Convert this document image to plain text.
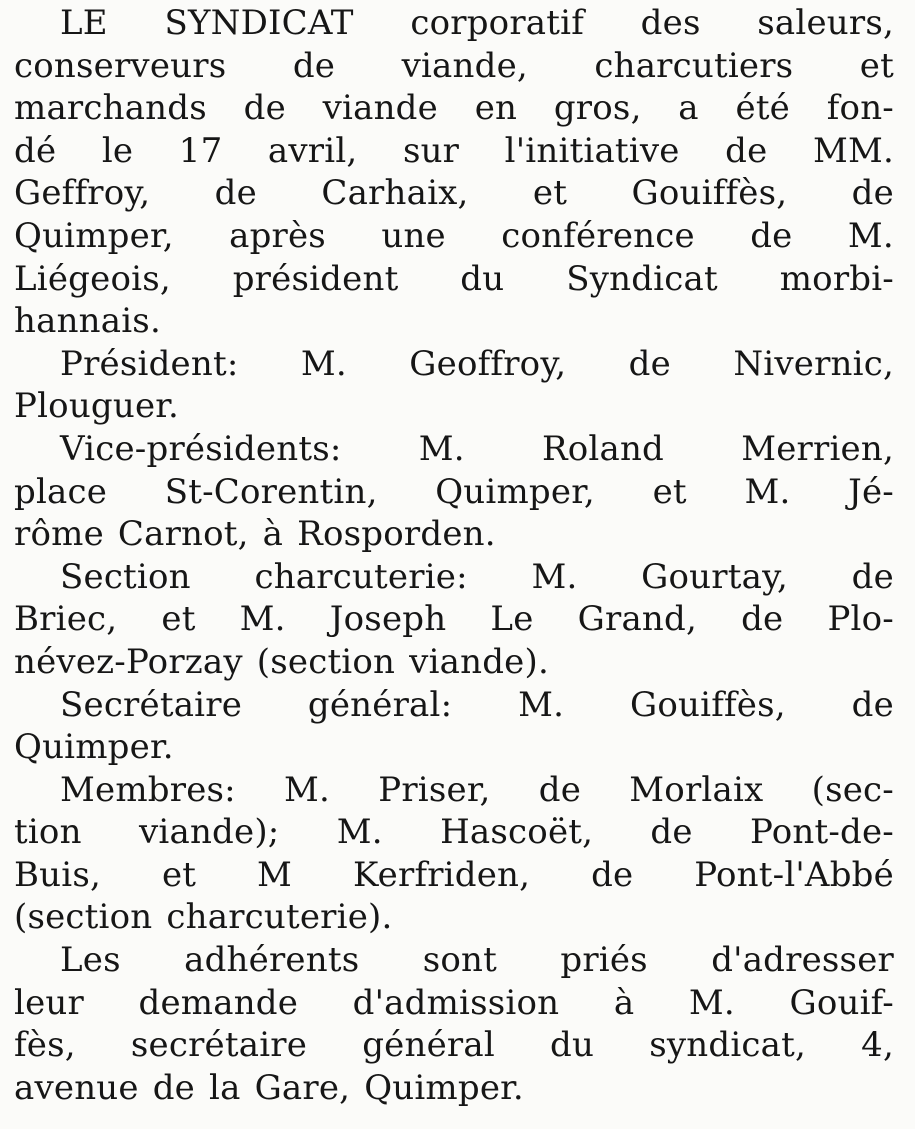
LE SYNDICAT corporatif des saleurs,
conserveurs de viande, charcutiers et
marchands de viande en gros, a été fon-
dé le 17 avril, sur l'initiative de MM.
Geffroy, de Carhaix, et Gouiffès, de
Quimper, après une conférence de M.
Liégeois, président du Syndicat morbi-
hannais.
Président: M. Geoffroy, de Nivernic,
Plouguer.
Vice-présidents: M. Roland Merrien,
place St-Corentin, Quimper, et M. Jé-
rôme Carnot, à Rosporden.
Section charcuterie: M. Gourtay, de
Briec, et M. Joseph Le Grand, de Plo-
névez-Porzay (section viande).
Secrétaire général: M. Gouiffès, de
Quimper.
Membres: M. Priser, de Morlaix (sec-
tion viande); M. Hascoët, de Pont-de-
Buis, et M Kerfriden, de Pont-l'Abbé
(section charcuterie).
Les adhérents sont priés d'adresser
leur demande d'admission à M. Gouif-
fès, secrétaire général du syndicat, 4,
avenue de la Gare, Quimper.
